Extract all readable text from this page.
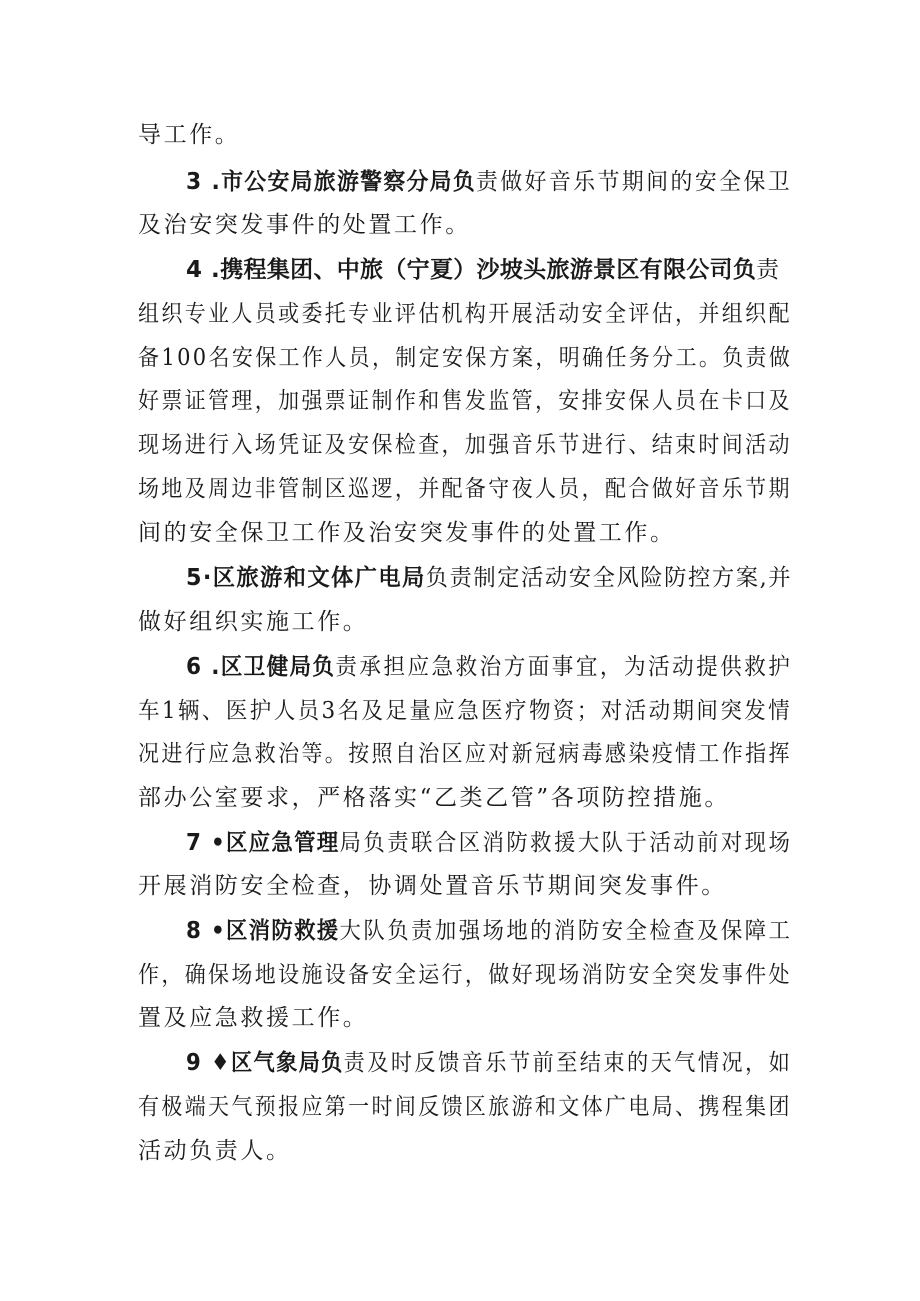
导工作。
3 .市公安局旅游警察分局负责做好音乐节期间的安全保卫
及治安突发事件的处置工作。
4 .携程集团、中旅（宁夏）沙坡头旅游景区有限公司负责
组织专业人员或委托专业评估机构开展活动安全评估，并组织配
备100名安保工作人员，制定安保方案，明确任务分工。负责做
好票证管理，加强票证制作和售发监管，安排安保人员在卡口及
现场进行入场凭证及安保检查，加强音乐节进行、结束时间活动
场地及周边非管制区巡逻，并配备守夜人员，配合做好音乐节期
间的安全保卫工作及治安突发事件的处置工作。
5·区旅游和文体广电局负责制定活动安全风险防控方案,并
做好组织实施工作。
6 .区卫健局负责承担应急救治方面事宜，为活动提供救护
车1辆、医护人员3名及足量应急医疗物资；对活动期间突发情
况进行应急救治等。按照自治区应对新冠病毒感染疫情工作指挥
部办公室要求，严格落实“乙类乙管”各项防控措施。
7 •区应急管理局负责联合区消防救援大队于活动前对现场
开展消防安全检查，协调处置音乐节期间突发事件。
8 •区消防救援大队负责加强场地的消防安全检查及保障工
作，确保场地设施设备安全运行，做好现场消防安全突发事件处
置及应急救援工作。
9 ♦区气象局负责及时反馈音乐节前至结束的天气情况，如
有极端天气预报应第一时间反馈区旅游和文体广电局、携程集团
活动负责人。
